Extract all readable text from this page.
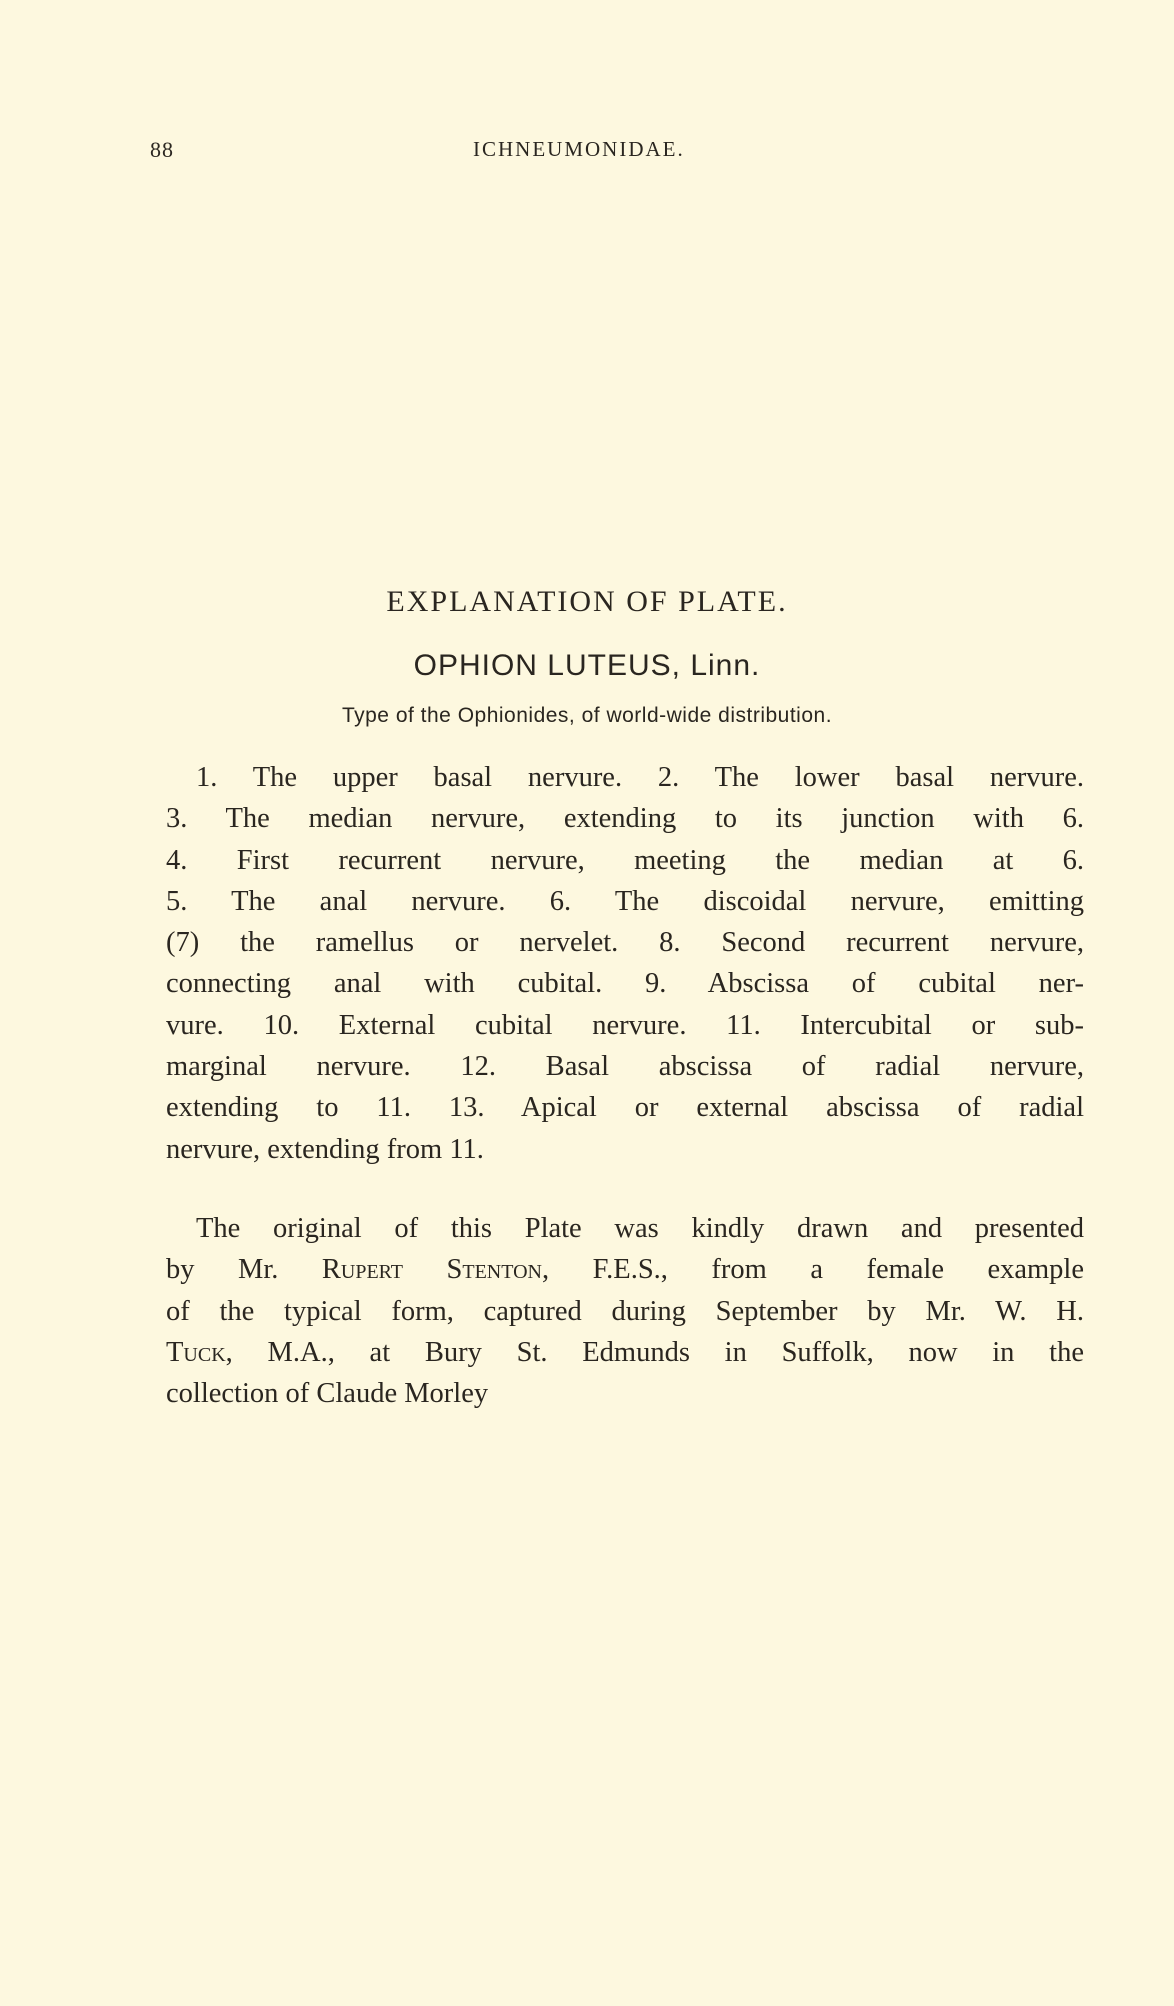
88	ICHNEUMONIDAE.
EXPLANATION OF PLATE.
OPHION LUTEUS, Linn.
Type of the Ophionides, of world-wide distribution.
1. The upper basal nervure. 2. The lower basal nervure.
3. The median nervure, extending to its junction with 6.
4. First recurrent nervure, meeting the median at 6.
5. The anal nervure. 6. The discoidal nervure, emitting
(7) the ramellus or nervelet. 8. Second recurrent nervure,
connecting anal with cubital. 9. Abscissa of cubital ner-
vure. 10. External cubital nervure. 11. Intercubital or sub-
marginal nervure. 12. Basal abscissa of radial nervure,
extending to 11. 13. Apical or external abscissa of radial
nervure, extending from 11.
The original of this Plate was kindly drawn and presented
by Mr. Rupert Stenton, F.E.S., from a female example
of the typical form, captured during September by Mr. W. H.
Tuck, M.A., at Bury St. Edmunds in Suffolk, now in the
collection of Claude Morley
